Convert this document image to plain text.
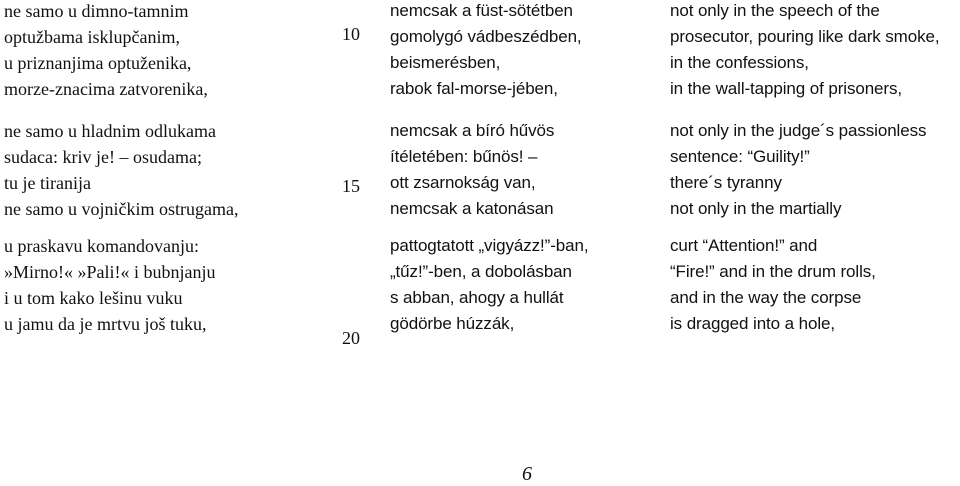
ne samo u dimno-tamnim
optužbama isklupčanim,
u priznanjima optuženika,
morze-znacima zatvorenika,
ne samo u hladnim odlukama
sudaca: kriv je! – osudama;
tu je tiranija
ne samo u vojničkim ostrugama,
u praskavu komandovanju:
»Mirno!« »Pali!« i bubnjanju
i u tom kako lešinu vuku
u jamu da je mrtvu još tuku,
10
15
20
nemcsak a füst-sötétben
gomolygó vádbeszédben,
beismerésben,
rabok fal-morse-jében,
nemcsak a bíró hűvös
ítéletében: bűnös! –
ott zsarnokság van,
nemcsak a katonásan
pattogtatott „vigyázz!”-ban,
„tűz!”-ben, a dobolásban
s abban, ahogy a hullát
gödörbe húzzák,
not only in the speech of the
prosecutor, pouring like dark smoke,
in the confessions,
in the wall-tapping of prisoners,
not only in the judge´s passionless
sentence: “Guility!”
there´s tyranny
not only in the martially
curt “Attention!” and
“Fire!” and in the drum rolls,
and in the way the corpse
is dragged into a hole,
6
